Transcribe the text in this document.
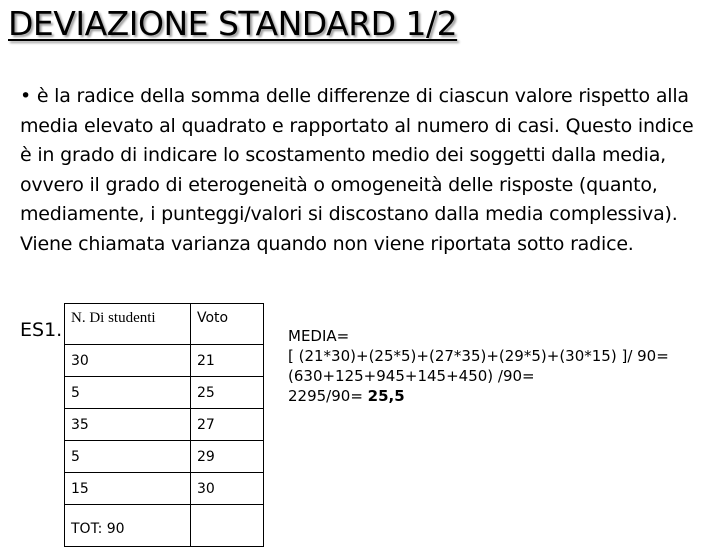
DEVIAZIONE STANDARD 1/2

• è la radice della somma delle differenze di ciascun valore rispetto alla media elevato al quadrato e rapportato al numero di casi. Questo indice è in grado di indicare lo scostamento medio dei soggetti dalla media, ovvero il grado di eterogeneità o omogeneità delle risposte (quanto, mediamente, i punteggi/valori si discostano dalla media complessiva). Viene chiamata varianza quando non viene riportata sotto radice.

ES1.
N. Di studenti	Voto
30	21
5	25
35	27
5	29
15	30
TOT: 90	
MEDIA=
[ (21*30)+(25*5)+(27*35)+(29*5)+(30*15) ]/ 90=
(630+125+945+145+450) /90=
2295/90= 25,5
